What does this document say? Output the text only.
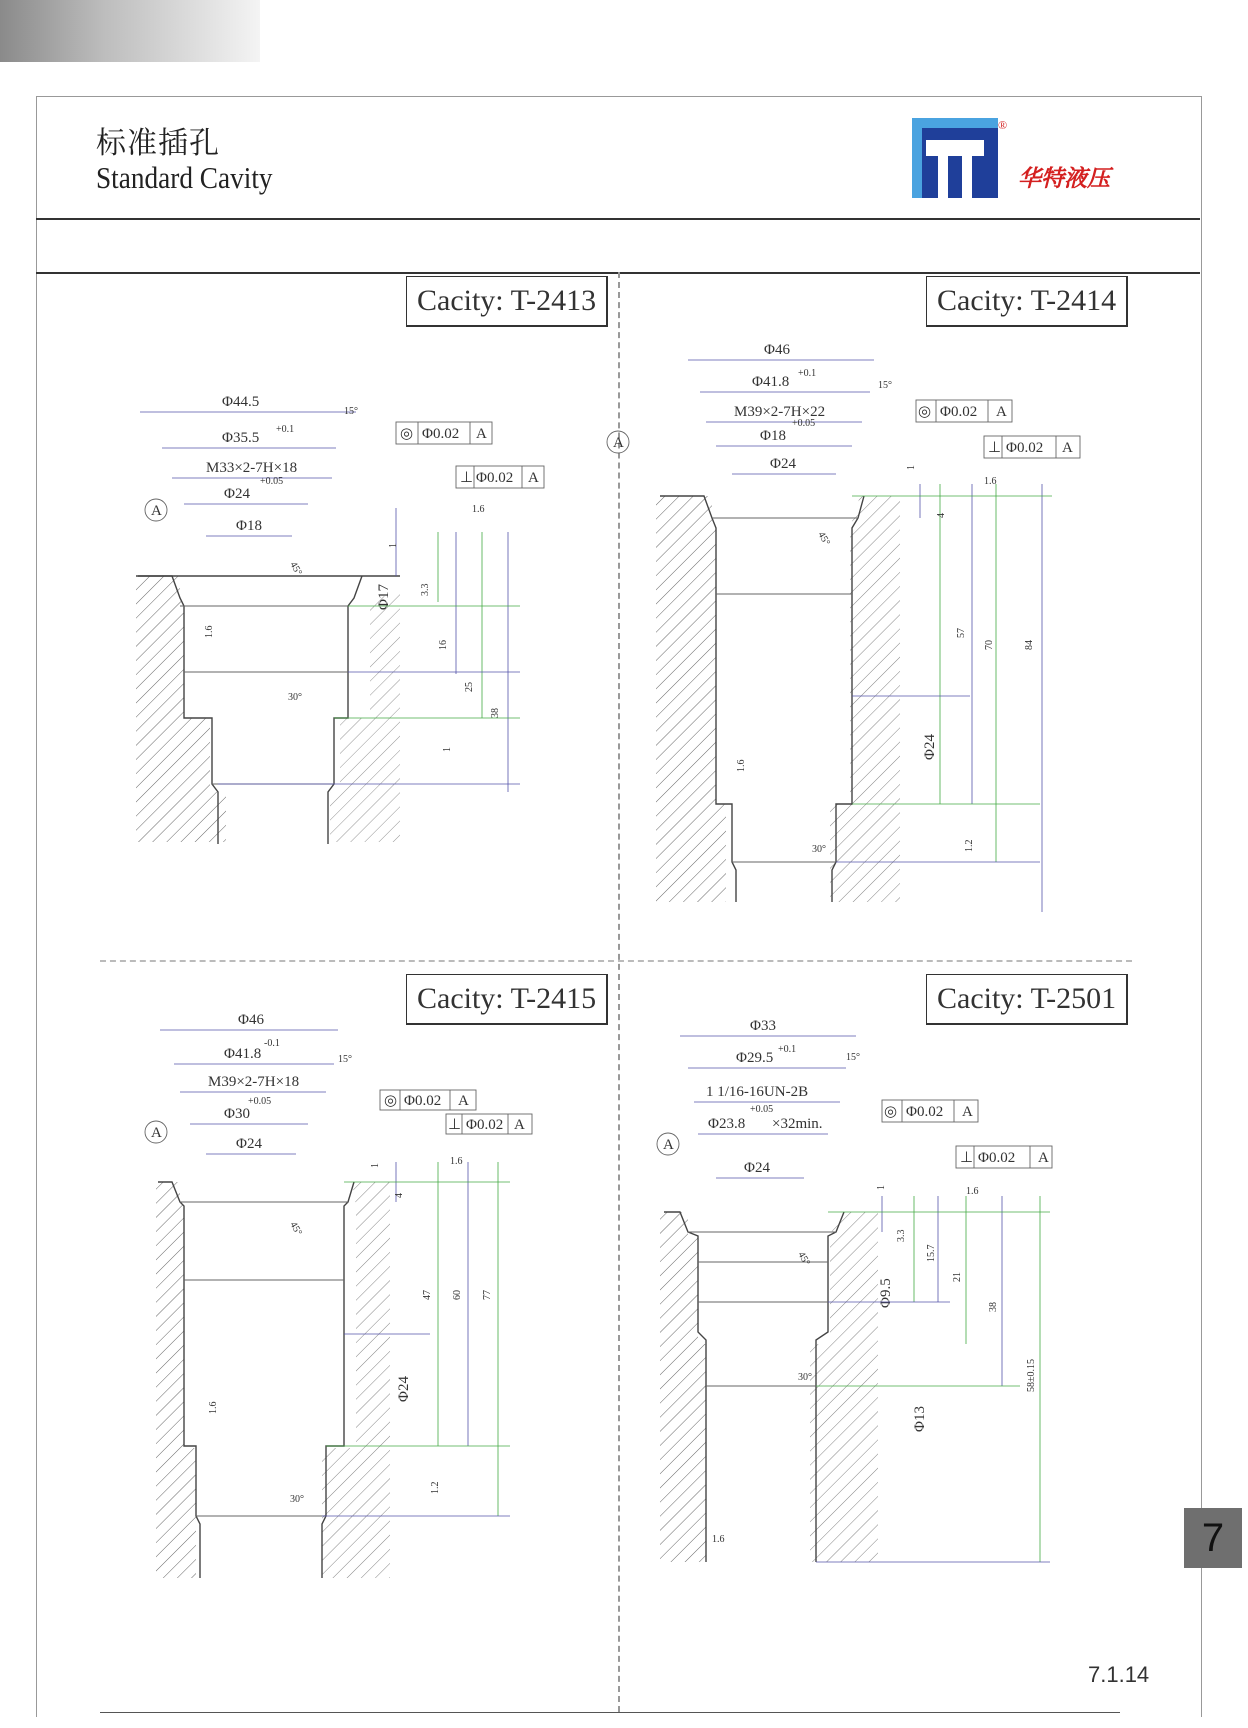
标准插孔
Standard Cavity
®
华特液压
Cacity: T-2413
Φ44.5
Φ35.5
+0.1
M33×2-7H×18
Φ24
+0.05
Φ18
Φ17
A
◎ Φ0.02 A
⊥ Φ0.02 A
15°
45°
30°
1.6
1.6
3.3
16
25
38
1
1
Cacity: T-2414
Φ46
Φ41.8
+0.1
M39×2-7H×22
Φ18
+0.05
Φ24
Φ24
A
◎ Φ0.02 A
⊥ Φ0.02 A
15°
45°
30°
1.6
1.6
4
57
70	84
1
1.2
Cacity: T-2415
Φ46
Φ41.8
-0.1
M39×2-7H×18
Φ30
+0.05
Φ24
Φ24
A
◎ Φ0.02 A
⊥ Φ0.02 A
15°
45°
30°
1.6
1.6
4
47 60 77
1
1.2
Cacity: T-2501
Φ33
Φ29.5
+0.1
1 1/16-16UN-2B
Φ23.8
+0.05
×32min.
Φ24
Φ9.5
Φ13
A
◎ Φ0.02 A
⊥ Φ0.02 A
15°
45°
30°
1.6
1.6
3.3
15.7
21
38
58±0.15
1
7.1.14
7
